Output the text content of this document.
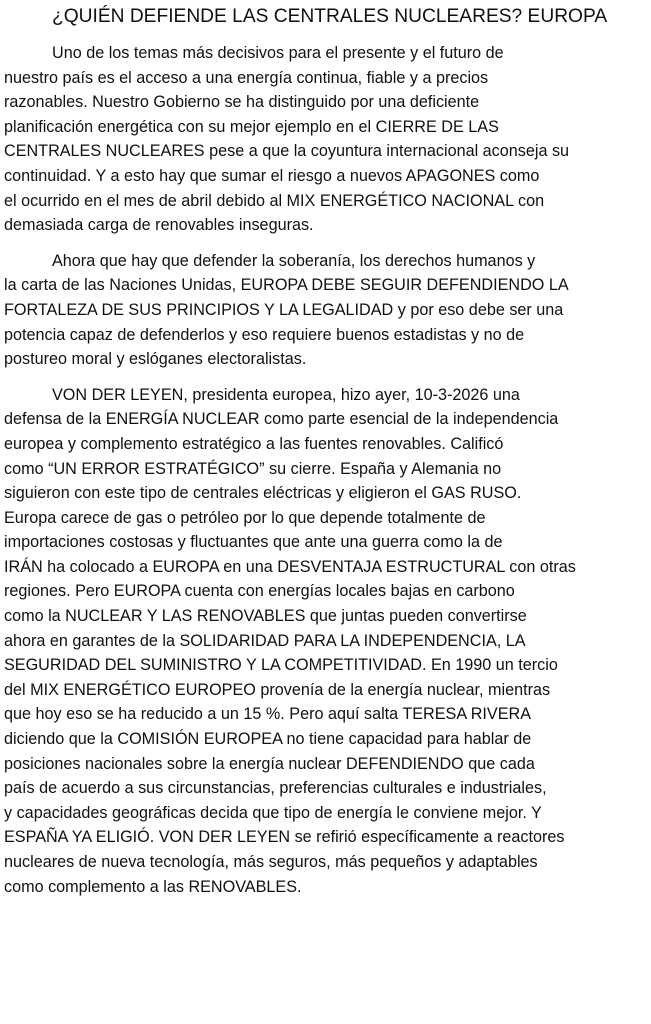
¿QUIÉN DEFIENDE LAS CENTRALES NUCLEARES? EUROPA

Uno de los temas más decisivos para el presente y el futuro de
nuestro país es el acceso a una energía continua, fiable y a precios
razonables. Nuestro Gobierno se ha distinguido por una deficiente
planificación energética con su mejor ejemplo en el CIERRE DE LAS
CENTRALES NUCLEARES pese a que la coyuntura internacional aconseja su
continuidad. Y a esto hay que sumar el riesgo a nuevos APAGONES como
el ocurrido en el mes de abril debido al MIX ENERGÉTICO NACIONAL con
demasiada carga de renovables inseguras.

Ahora que hay que defender la soberanía, los derechos humanos y
la carta de las Naciones Unidas, EUROPA DEBE SEGUIR DEFENDIENDO LA
FORTALEZA DE SUS PRINCIPIOS Y LA LEGALIDAD y por eso debe ser una
potencia capaz de defenderlos y eso requiere buenos estadistas y no de
postureo moral y eslóganes electoralistas.

VON DER LEYEN, presidenta europea, hizo ayer, 10-3-2026 una
defensa de la ENERGÍA NUCLEAR como parte esencial de la independencia
europea y complemento estratégico a las fuentes renovables. Calificó
como “UN ERROR ESTRATÉGICO” su cierre. España y Alemania no
siguieron con este tipo de centrales eléctricas y eligieron el GAS RUSO.
Europa carece de gas o petróleo por lo que depende totalmente de
importaciones costosas y fluctuantes que ante una guerra como la de
IRÁN ha colocado a EUROPA en una DESVENTAJA ESTRUCTURAL con otras
regiones. Pero EUROPA cuenta con energías locales bajas en carbono
como la NUCLEAR Y LAS RENOVABLES que juntas pueden convertirse
ahora en garantes de la SOLIDARIDAD PARA LA INDEPENDENCIA, LA
SEGURIDAD DEL SUMINISTRO Y LA COMPETITIVIDAD. En 1990 un tercio
del MIX ENERGÉTICO EUROPEO provenía de la energía nuclear, mientras
que hoy eso se ha reducido a un 15 %. Pero aquí salta TERESA RIVERA
diciendo que la COMISIÓN EUROPEA no tiene capacidad para hablar de
posiciones nacionales sobre la energía nuclear DEFENDIENDO que cada
país de acuerdo a sus circunstancias, preferencias culturales e industriales,
y capacidades geográficas decida que tipo de energía le conviene mejor. Y
ESPAÑA YA ELIGIÓ. VON DER LEYEN se refirió específicamente a reactores
nucleares de nueva tecnología, más seguros, más pequeños y adaptables
como complemento a las RENOVABLES.
